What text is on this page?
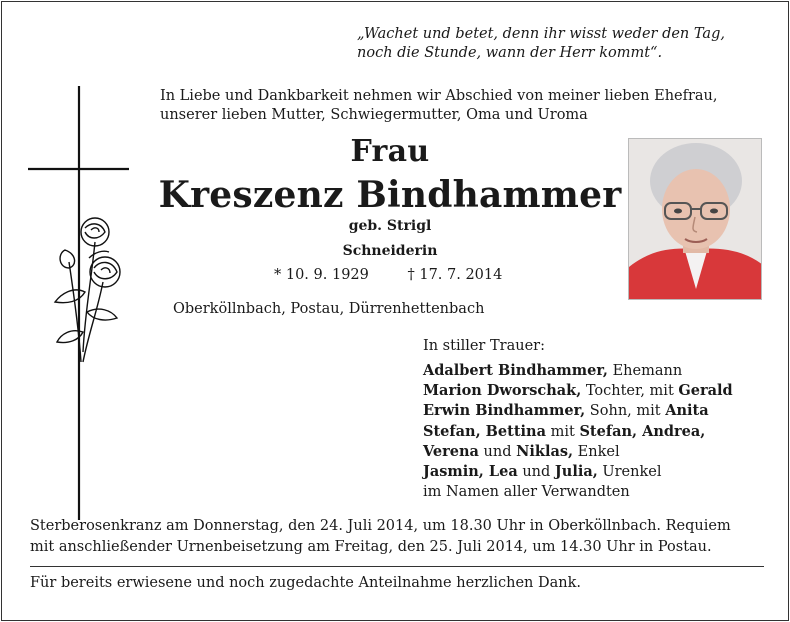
„Wachet und betet, denn ihr wisst weder den Tag,
noch die Stunde, wann der Herr kommt“.
In Liebe und Dankbarkeit nehmen wir Abschied von meiner lieben Ehefrau,
unserer lieben Mutter, Schwiegermutter, Oma und Uroma
Frau
Kreszenz Bindhammer
geb. Strigl
Schneiderin
* 10. 9. 1929	† 17. 7. 2014
Oberköllnbach, Postau, Dürrenhettenbach
In stiller Trauer:
Adalbert Bindhammer, Ehemann
Marion Dworschak, Tochter, mit Gerald
Erwin Bindhammer, Sohn, mit Anita
Stefan, Bettina mit Stefan, Andrea,
Verena und Niklas, Enkel
Jasmin, Lea und Julia, Urenkel
im Namen aller Verwandten
Sterberosenkranz am Donnerstag, den 24. Juli 2014, um 18.30 Uhr in Oberköllnbach. Requiem
mit anschließender Urnenbeisetzung am Freitag, den 25. Juli 2014, um 14.30 Uhr in Postau.
Für bereits erwiesene und noch zugedachte Anteilnahme herzlichen Dank.
